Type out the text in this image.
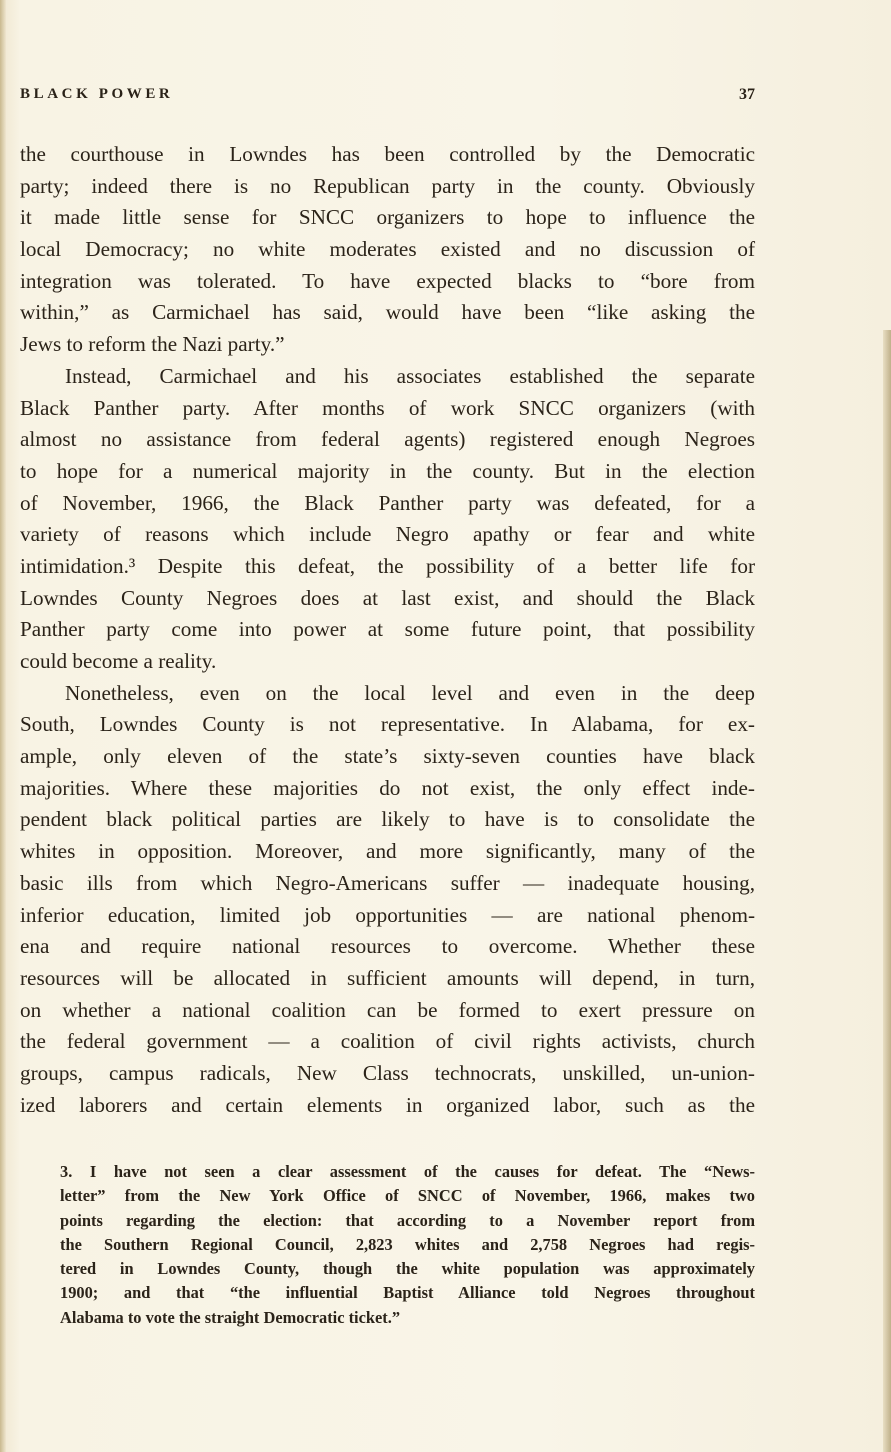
BLACK POWER	37
the courthouse in Lowndes has been controlled by the Democratic
party; indeed there is no Republican party in the county. Obviously
it made little sense for SNCC organizers to hope to influence the
local Democracy; no white moderates existed and no discussion of
integration was tolerated. To have expected blacks to “bore from
within,” as Carmichael has said, would have been “like asking the
Jews to reform the Nazi party.”
Instead, Carmichael and his associates established the separate
Black Panther party. After months of work SNCC organizers (with
almost no assistance from federal agents) registered enough Negroes
to hope for a numerical majority in the county. But in the election
of November, 1966, the Black Panther party was defeated, for a
variety of reasons which include Negro apathy or fear and white
intimidation.³ Despite this defeat, the possibility of a better life for
Lowndes County Negroes does at last exist, and should the Black
Panther party come into power at some future point, that possibility
could become a reality.
Nonetheless, even on the local level and even in the deep
South, Lowndes County is not representative. In Alabama, for ex-
ample, only eleven of the state’s sixty-seven counties have black
majorities. Where these majorities do not exist, the only effect inde-
pendent black political parties are likely to have is to consolidate the
whites in opposition. Moreover, and more significantly, many of the
basic ills from which Negro-Americans suffer — inadequate housing,
inferior education, limited job opportunities — are national phenom-
ena and require national resources to overcome. Whether these
resources will be allocated in sufficient amounts will depend, in turn,
on whether a national coalition can be formed to exert pressure on
the federal government — a coalition of civil rights activists, church
groups, campus radicals, New Class technocrats, unskilled, un-union-
ized laborers and certain elements in organized labor, such as the
3. I have not seen a clear assessment of the causes for defeat. The “News-
letter” from the New York Office of SNCC of November, 1966, makes two
points regarding the election: that according to a November report from
the Southern Regional Council, 2,823 whites and 2,758 Negroes had regis-
tered in Lowndes County, though the white population was approximately
1900; and that “the influential Baptist Alliance told Negroes throughout
Alabama to vote the straight Democratic ticket.”
